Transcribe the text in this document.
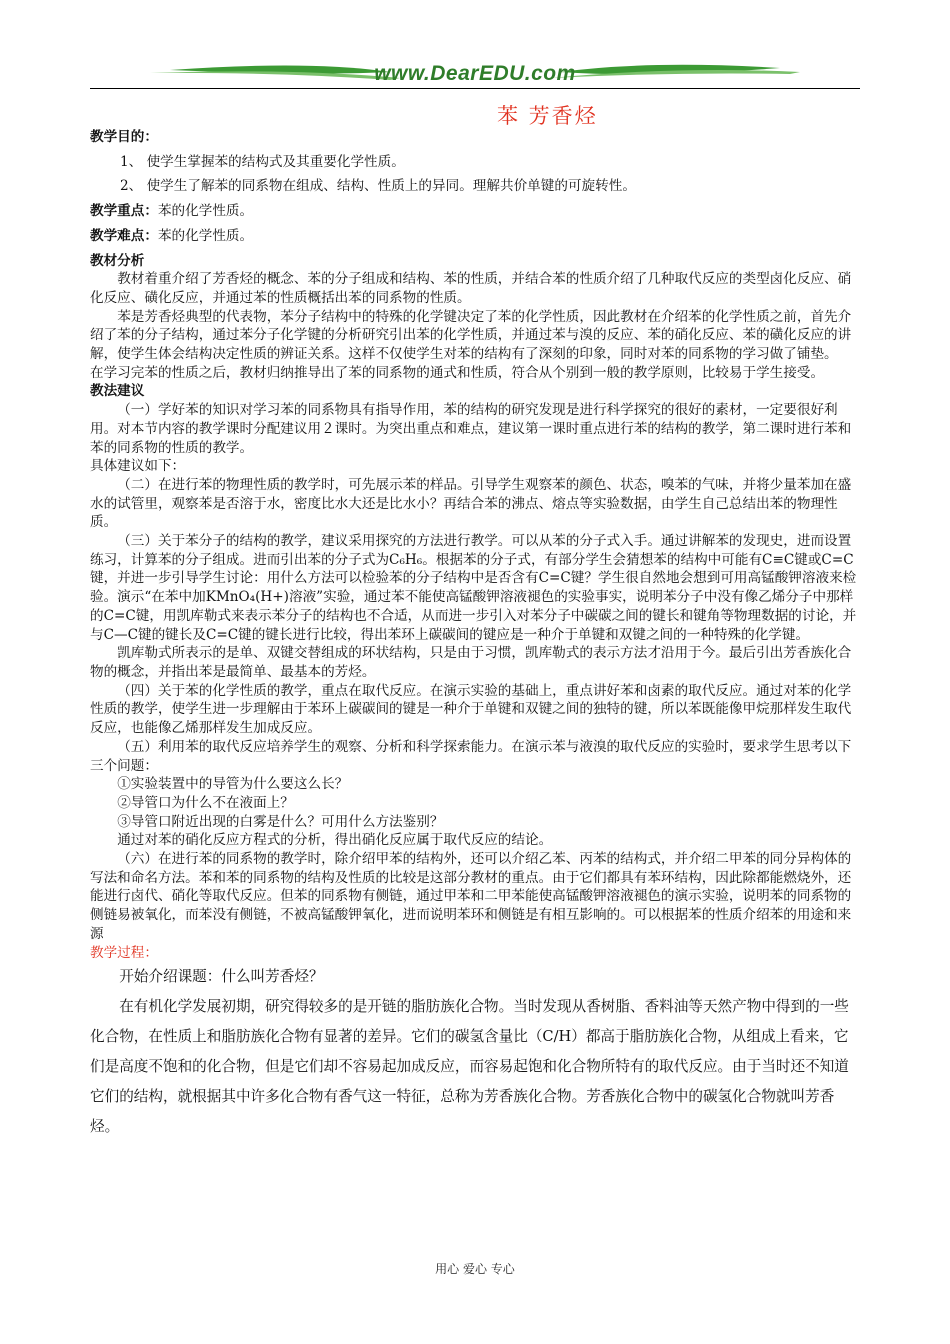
www.DearEDU.com
苯 芳香烃

教学目的：

1、 使学生掌握苯的结构式及其重要化学性质。

2、 使学生了解苯的同系物在组成、结构、性质上的异同。理解共价单键的可旋转性。

教学重点：苯的化学性质。

教学难点：苯的化学性质。

教材分析

教材着重介绍了芳香烃的概念、苯的分子组成和结构、苯的性质，并结合苯的性质介绍了几种取代反应的类型卤化反应、硝化反应、磺化反应，并通过苯的性质概括出苯的同系物的性质。

苯是芳香烃典型的代表物，苯分子结构中的特殊的化学键决定了苯的化学性质，因此教材在介绍苯的化学性质之前，首先介绍了苯的分子结构，通过苯分子化学键的分析研究引出苯的化学性质，并通过苯与溴的反应、苯的硝化反应、苯的磺化反应的讲解，使学生体会结构决定性质的辨证关系。这样不仅使学生对苯的结构有了深刻的印象，同时对苯的同系物的学习做了铺垫。

在学习完苯的性质之后，教材归纳推导出了苯的同系物的通式和性质，符合从个别到一般的教学原则，比较易于学生接受。

教法建议

（一）学好苯的知识对学习苯的同系物具有指导作用，苯的结构的研究发现是进行科学探究的很好的素材，一定要很好利用。对本节内容的教学课时分配建议用２课时。为突出重点和难点，建议第一课时重点进行苯的结构的教学，第二课时进行苯和苯的同系物的性质的教学。

具体建议如下：

（二）在进行苯的物理性质的教学时，可先展示苯的样品。引导学生观察苯的颜色、状态，嗅苯的气味，并将少量苯加在盛水的试管里，观察苯是否溶于水，密度比水大还是比水小？再结合苯的沸点、熔点等实验数据，由学生自己总结出苯的物理性质。

（三）关于苯分子的结构的教学，建议采用探究的方法进行教学。可以从苯的分子式入手。通过讲解苯的发现史，进而设置练习，计算苯的分子组成。进而引出苯的分子式为C₆H₆。根据苯的分子式，有部分学生会猜想苯的结构中可能有C≡C键或C=C键，并进一步引导学生讨论：用什么方法可以检验苯的分子结构中是否含有C=C键？学生很自然地会想到可用高锰酸钾溶液来检验。演示“在苯中加KMnO₄(H+)溶液”实验，通过苯不能使高锰酸钾溶液褪色的实验事实，说明苯分子中没有像乙烯分子中那样的C=C键，用凯库勒式来表示苯分子的结构也不合适，从而进一步引入对苯分子中碳碳之间的键长和键角等物理数据的讨论，并与C—C键的键长及C=C键的键长进行比较，得出苯环上碳碳间的键应是一种介于单键和双键之间的一种特殊的化学键。

凯库勒式所表示的是单、双键交替组成的环状结构，只是由于习惯，凯库勒式的表示方法才沿用于今。最后引出芳香族化合物的概念，并指出苯是最简单、最基本的芳烃。

（四）关于苯的化学性质的教学，重点在取代反应。在演示实验的基础上，重点讲好苯和卤素的取代反应。通过对苯的化学性质的教学，使学生进一步理解由于苯环上碳碳间的键是一种介于单键和双键之间的独特的键，所以苯既能像甲烷那样发生取代反应，也能像乙烯那样发生加成反应。

（五）利用苯的取代反应培养学生的观察、分析和科学探索能力。在演示苯与液溴的取代反应的实验时，要求学生思考以下三个问题：

①实验装置中的导管为什么要这么长？

②导管口为什么不在液面上？

③导管口附近出现的白雾是什么？可用什么方法鉴别？

通过对苯的硝化反应方程式的分析，得出硝化反应属于取代反应的结论。

（六）在进行苯的同系物的教学时，除介绍甲苯的结构外，还可以介绍乙苯、丙苯的结构式，并介绍二甲苯的同分异构体的写法和命名方法。苯和苯的同系物的结构及性质的比较是这部分教材的重点。由于它们都具有苯环结构，因此除都能燃烧外，还能进行卤代、硝化等取代反应。但苯的同系物有侧链，通过甲苯和二甲苯能使高锰酸钾溶液褪色的演示实验，说明苯的同系物的侧链易被氧化，而苯没有侧链，不被高锰酸钾氧化，进而说明苯环和侧链是有相互影响的。可以根据苯的性质介绍苯的用途和来源

教学过程：

开始介绍课题：什么叫芳香烃？

在有机化学发展初期，研究得较多的是开链的脂肪族化合物。当时发现从香树脂、香料油等天然产物中得到的一些化合物，在性质上和脂肪族化合物有显著的差异。它们的碳氢含量比（C/H）都高于脂肪族化合物，从组成上看来，它们是高度不饱和的化合物，但是它们却不容易起加成反应，而容易起饱和化合物所特有的取代反应。由于当时还不知道它们的结构，就根据其中许多化合物有香气这一特征，总称为芳香族化合物。芳香族化合物中的碳氢化合物就叫芳香烃。

用心 爱心 专心
